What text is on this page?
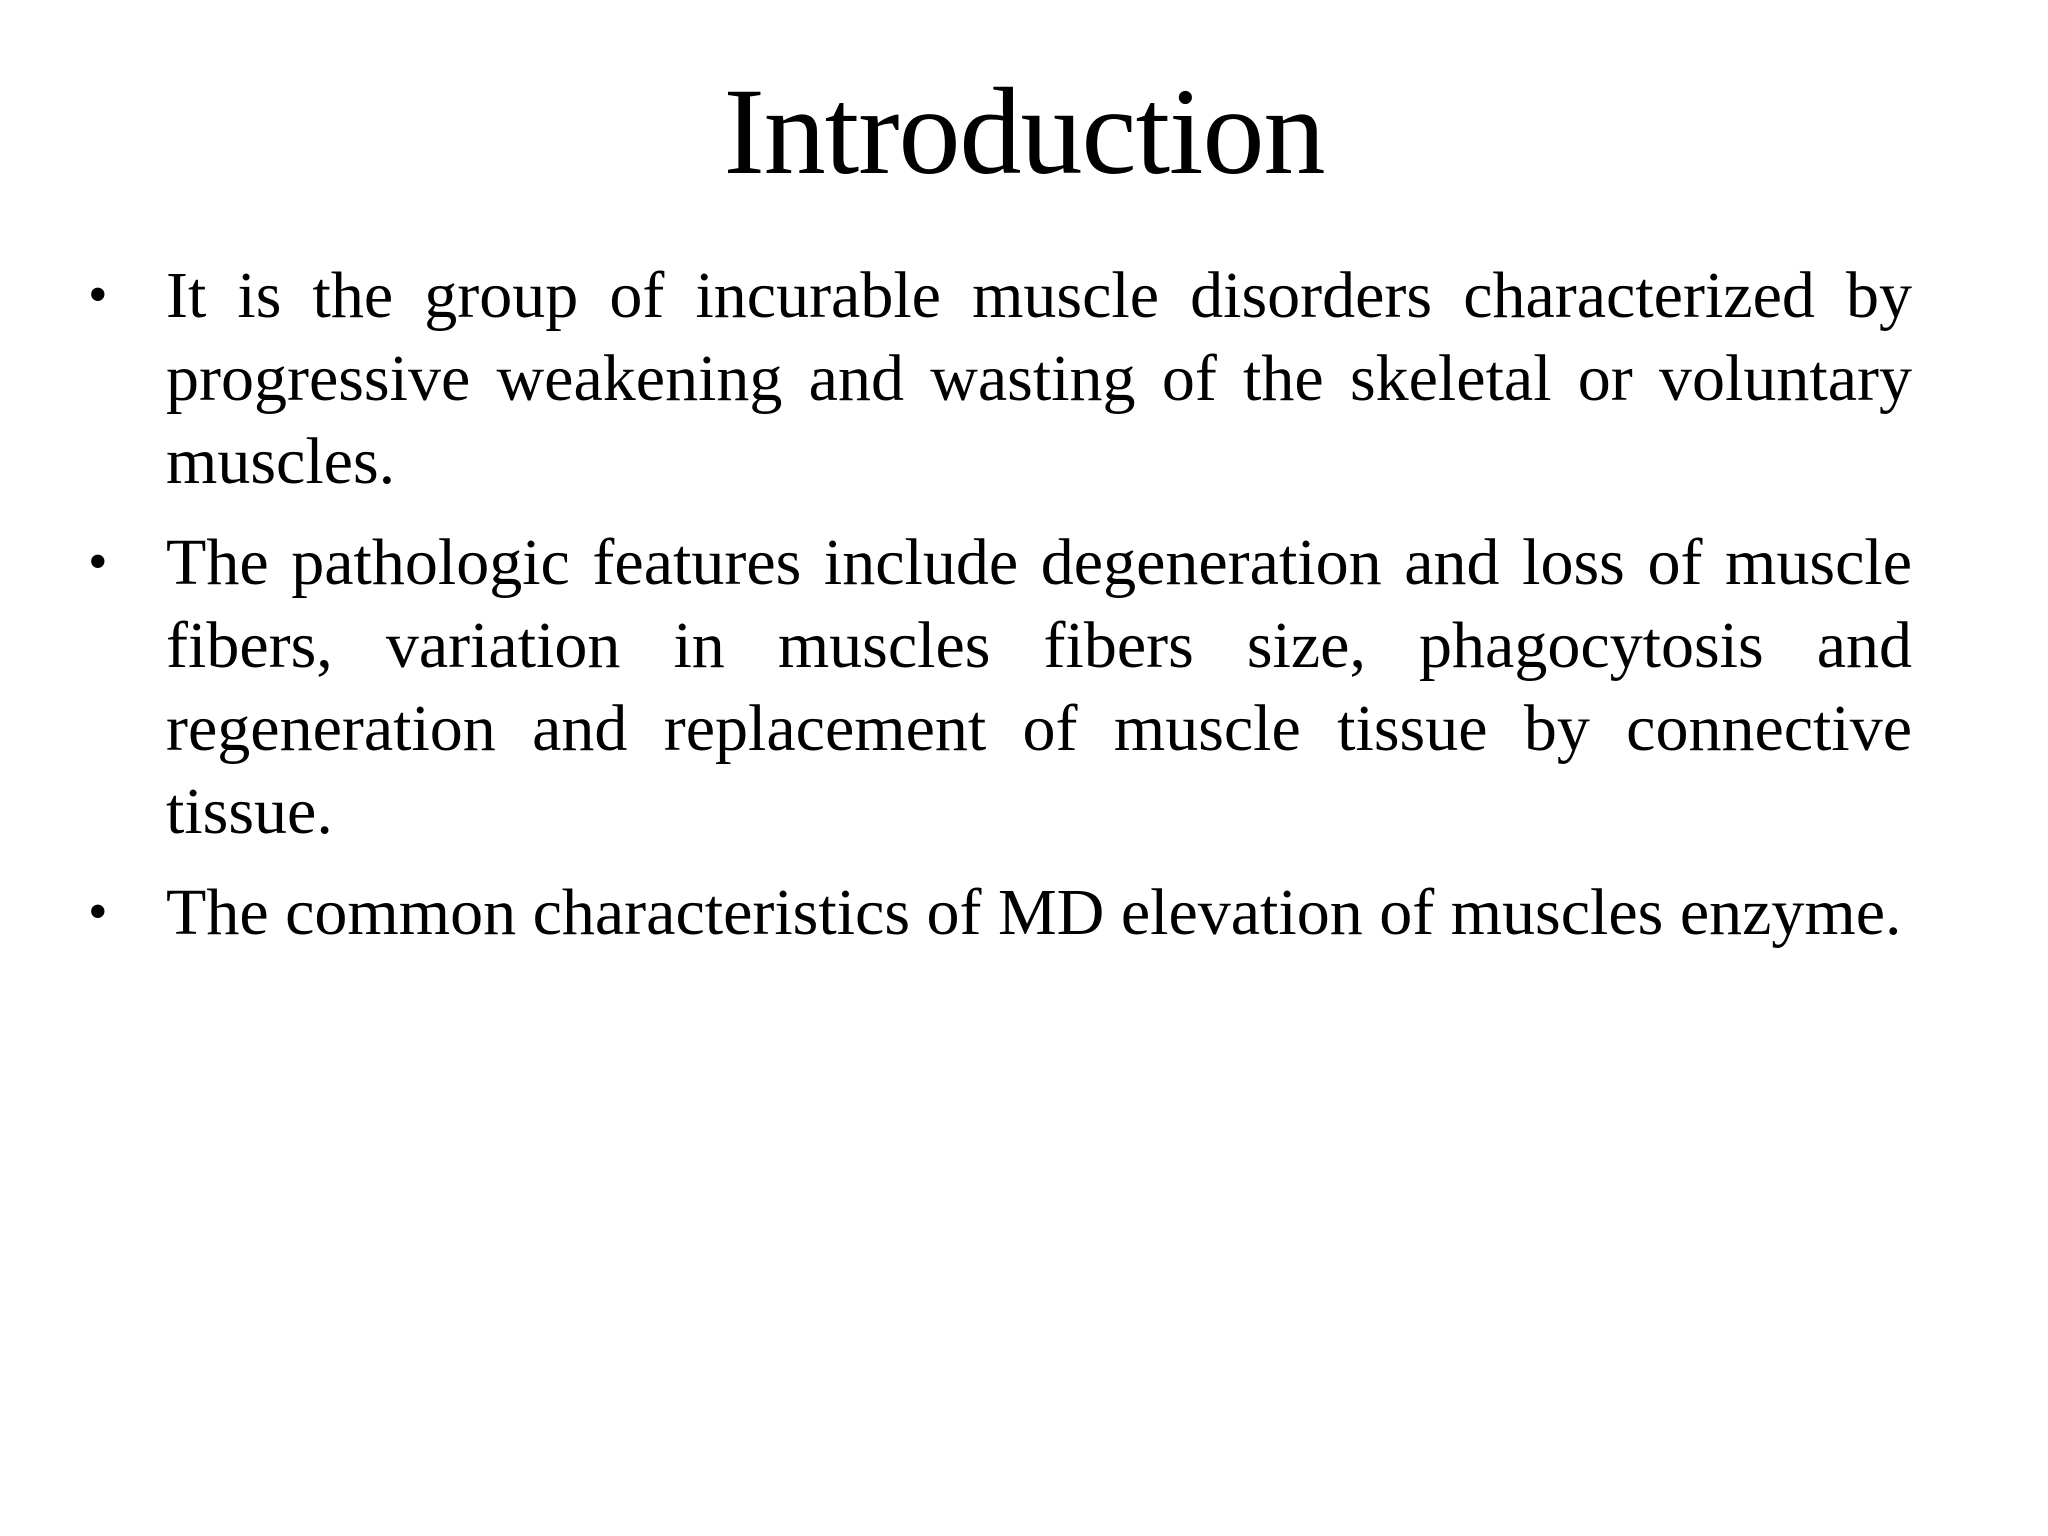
Introduction
• It is the group of incurable muscle disorders characterized by progressive weakening and wasting of the skeletal or voluntary muscles.
• The pathologic features include degeneration and loss of muscle fibers, variation in muscles fibers size, phagocytosis and regeneration and replacement of muscle tissue by connective tissue.
• The common characteristics of MD elevation of muscles enzyme.
